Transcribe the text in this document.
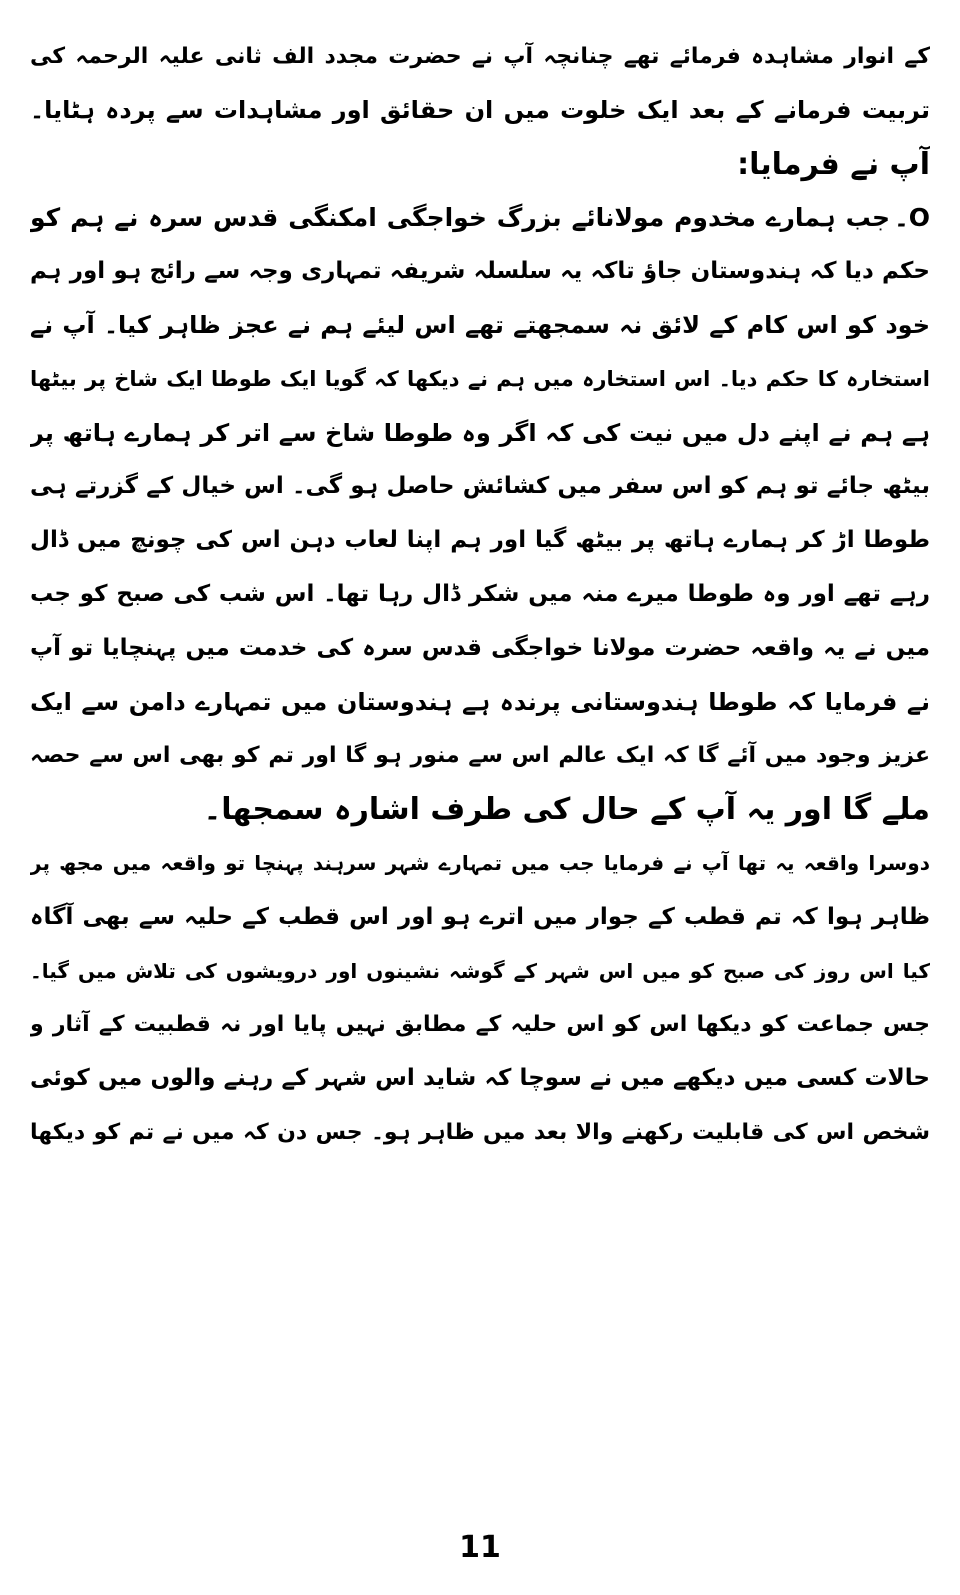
کے انوار مشاہدہ فرمائے تھے چنانچہ آپ نے حضرت مجدد الف ثانی علیہ الرحمہ کی
تربیت فرمانے کے بعد ایک خلوت میں ان حقائق اور مشاہدات سے پردہ ہٹایا۔
آپ نے فرمایا:
O۔جب ہمارے مخدوم مولانائے بزرگ خواجگی امکنگی قدس سرہ نے ہم کو
حکم دیا کہ ہندوستان جاؤ تاکہ یہ سلسلہ شریفہ تمہاری وجہ سے رائج ہو اور ہم
خود کو اس کام کے لائق نہ سمجھتے تھے اس لیئے ہم نے عجز ظاہر کیا۔ آپ نے
استخارہ کا حکم دیا۔ اس استخارہ میں ہم نے دیکھا کہ گویا ایک طوطا ایک شاخ پر بیٹھا
ہے ہم نے اپنے دل میں نیت کی کہ اگر وہ طوطا شاخ سے اتر کر ہمارے ہاتھ پر
بیٹھ جائے تو ہم کو اس سفر میں کشائش حاصل ہو گی۔ اس خیال کے گزرتے ہی
طوطا اڑ کر ہمارے ہاتھ پر بیٹھ گیا اور ہم اپنا لعاب دہن اس کی چونچ میں ڈال
رہے تھے اور وہ طوطا میرے منہ میں شکر ڈال رہا تھا۔ اس شب کی صبح کو جب
میں نے یہ واقعہ حضرت مولانا خواجگی قدس سرہ کی خدمت میں پہنچایا تو آپ
نے فرمایا کہ طوطا ہندوستانی پرندہ ہے ہندوستان میں تمہارے دامن سے ایک
عزیز وجود میں آئے گا کہ ایک عالم اس سے منور ہو گا اور تم کو بھی اس سے حصہ
ملے گا اور یہ آپ کے حال کی طرف اشارہ سمجھا۔
دوسرا واقعہ یہ تھا آپ نے فرمایا جب میں تمہارے شہر سرہند پہنچا تو واقعہ میں مجھ پر
ظاہر ہوا کہ تم قطب کے جوار میں اترے ہو اور اس قطب کے حلیہ سے بھی آگاہ
کیا اس روز کی صبح کو میں اس شہر کے گوشہ نشینوں اور درویشوں کی تلاش میں گیا۔
جس جماعت کو دیکھا اس کو اس حلیہ کے مطابق نہیں پایا اور نہ قطبیت کے آثار و
حالات کسی میں دیکھے میں نے سوچا کہ شاید اس شہر کے رہنے والوں میں کوئی
شخص اس کی قابلیت رکھنے والا بعد میں ظاہر ہو۔ جس دن کہ میں نے تم کو دیکھا
11
